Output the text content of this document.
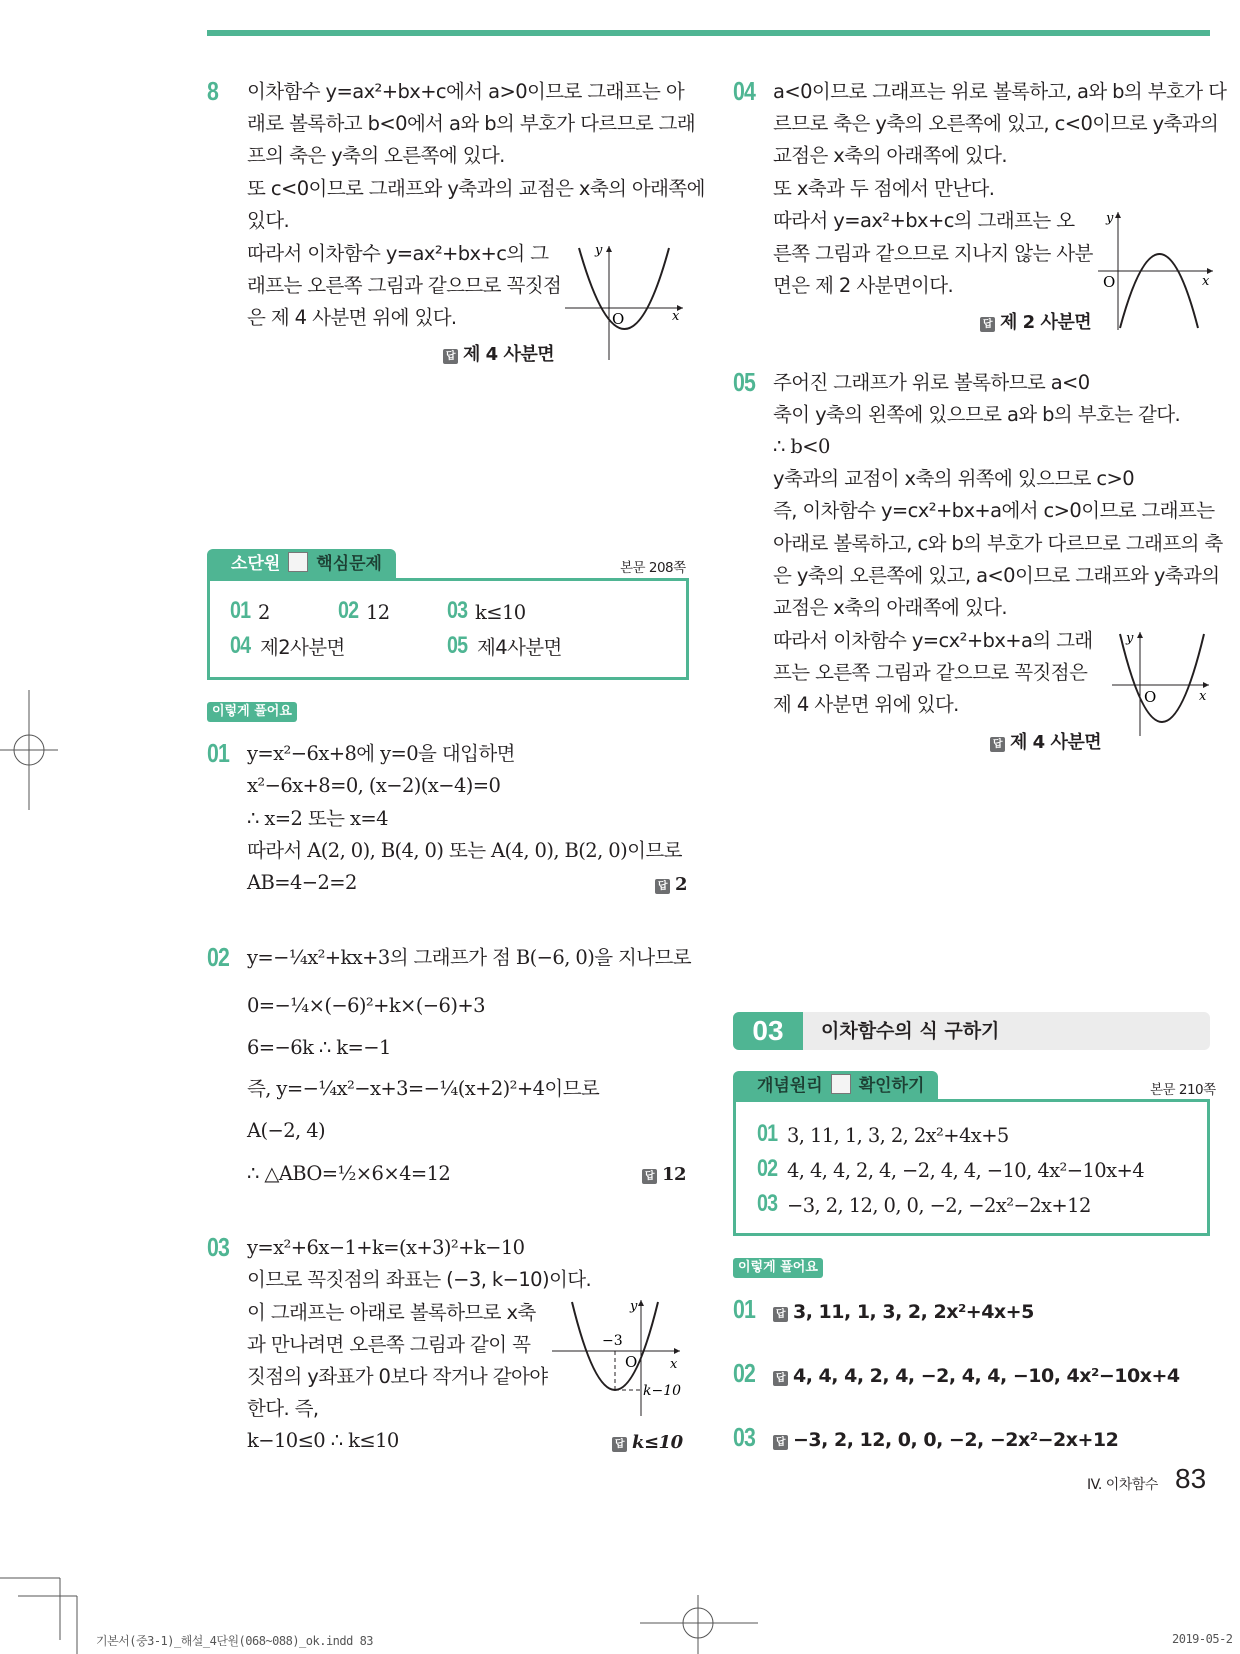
8 이차함수 y=ax²+bx+c에서 a>0이므로 그래프는 아
래로 볼록하고 b<0에서 a와 b의 부호가 다르므로 그래
프의 축은 y축의 오른쪽에 있다.
또 c<0이므로 그래프와 y축과의 교점은 x축의 아래쪽에
있다.
따라서 이차함수 y=ax²+bx+c의 그
래프는 오른쪽 그림과 같으므로 꼭짓점
은 제 4 사분면 위에 있다.
답 제 4 사분면
y
x
O
소단원 핵심문제	본문 208쪽
01 2	02 12 03 k≤10
04 제2사분면	05 제4사분면
이렇게 풀어요
01 y=x²−6x+8에 y=0을 대입하면
x²−6x+8=0, (x−2)(x−4)=0
∴ x=2 또는 x=4
따라서 A(2, 0), B(4, 0) 또는 A(4, 0), B(2, 0)이므로
AB=4−2=2	답 2
02 y=−¼x²+kx+3의 그래프가 점 B(−6, 0)을 지나므로
0=−¼×(−6)²+k×(−6)+3
6=−6k ∴ k=−1
즉, y=−¼x²−x+3=−¼(x+2)²+4이므로
A(−2, 4)
∴ △ABO=½×6×4=12	답 12
03 y=x²+6x−1+k=(x+3)²+k−10
이므로 꼭짓점의 좌표는 (−3, k−10)이다.
이 그래프는 아래로 볼록하므로 x축
과 만나려면 오른쪽 그림과 같이 꼭
짓점의 y좌표가 0보다 작거나 같아야
한다. 즉,
k−10≤0 ∴ k≤10	답 k≤10
−3
y
x
O
k−10
04 a<0이므로 그래프는 위로 볼록하고, a와 b의 부호가 다
르므로 축은 y축의 오른쪽에 있고, c<0이므로 y축과의
교점은 x축의 아래쪽에 있다.
또 x축과 두 점에서 만난다.
따라서 y=ax²+bx+c의 그래프는 오
른쪽 그림과 같으므로 지나지 않는 사분
면은 제 2 사분면이다.
답 제 2 사분면
y
x
O
05 주어진 그래프가 위로 볼록하므로 a<0
축이 y축의 왼쪽에 있으므로 a와 b의 부호는 같다.
∴ b<0
y축과의 교점이 x축의 위쪽에 있으므로 c>0
즉, 이차함수 y=cx²+bx+a에서 c>0이므로 그래프는
아래로 볼록하고, c와 b의 부호가 다르므로 그래프의 축
은 y축의 오른쪽에 있고, a<0이므로 그래프와 y축과의
교점은 x축의 아래쪽에 있다.
따라서 이차함수 y=cx²+bx+a의 그래
프는 오른쪽 그림과 같으므로 꼭짓점은
제 4 사분면 위에 있다.
답 제 4 사분면
y
x
O
03	이차함수의 식 구하기
개념원리 확인하기	본문 210쪽
01 3, 11, 1, 3, 2, 2x²+4x+5
02 4, 4, 4, 2, 4, −2, 4, 4, −10, 4x²−10x+4
03 −3, 2, 12, 0, 0, −2, −2x²−2x+12
이렇게 풀어요
01 답 3, 11, 1, 3, 2, 2x²+4x+5
02 답 4, 4, 4, 2, 4, −2, 4, 4, −10, 4x²−10x+4
03 답 −3, 2, 12, 0, 0, −2, −2x²−2x+12
IV. 이차함수 83
기본서(중3-1)_해설_4단원(068~088)_ok.indd 83	2019-05-2
